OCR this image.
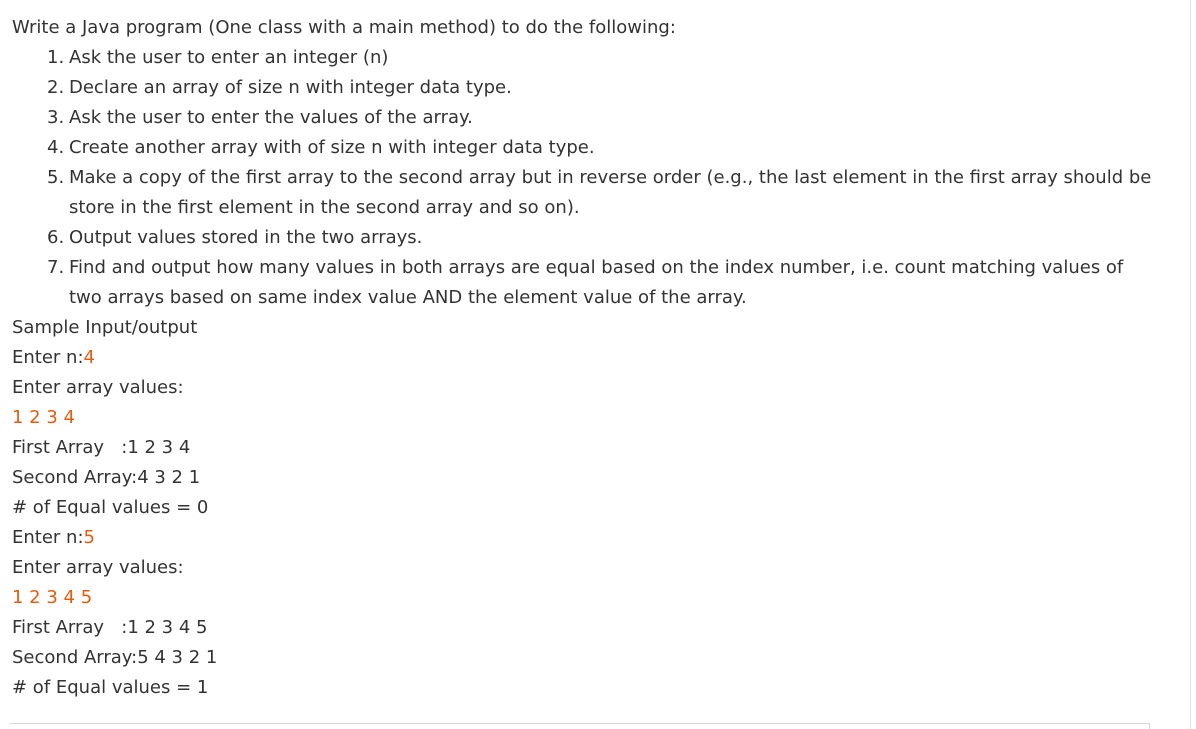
Write a Java program (One class with a main method) to do the following:
1. Ask the user to enter an integer (n)
2. Declare an array of size n with integer data type.
3. Ask the user to enter the values of the array.
4. Create another array with of size n with integer data type.
5. Make a copy of the first array to the second array but in reverse order (e.g., the last element in the first array should be store in the first element in the second array and so on).
6. Output values stored in the two arrays.
7. Find and output how many values in both arrays are equal based on the index number, i.e. count matching values of two arrays based on same index value AND the element value of the array.
Sample Input/output
Enter n:4
Enter array values:
1 2 3 4
First Array   :1 2 3 4
Second Array:4 3 2 1
# of Equal values = 0
Enter n:5
Enter array values:
1 2 3 4 5
First Array   :1 2 3 4 5
Second Array:5 4 3 2 1
# of Equal values = 1
